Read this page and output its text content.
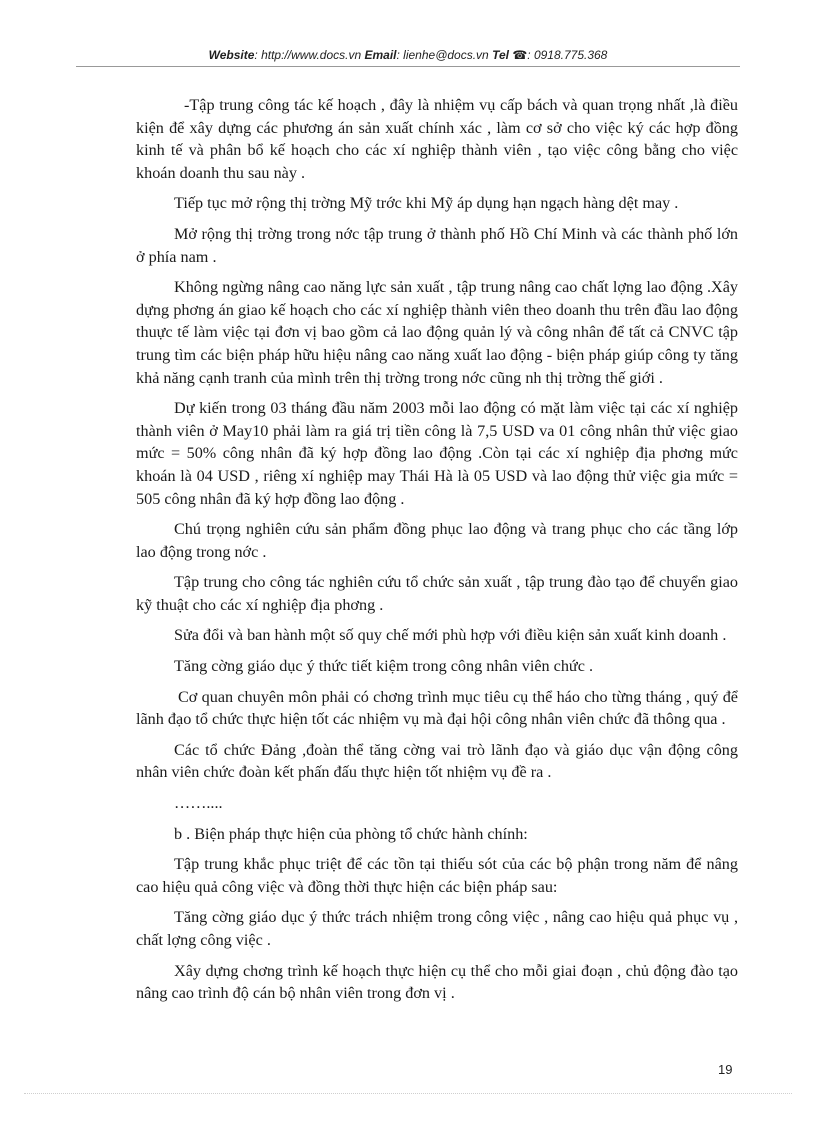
Website: http://www.docs.vn Email: lienhe@docs.vn Tel ☎: 0918.775.368

-Tập trung công tác kế hoạch , đây là nhiệm vụ cấp bách và quan trọng nhất ,là điều kiện để xây dựng các phương án sản xuất chính xác , làm cơ sở cho việc ký các hợp đồng kinh tế và phân bổ kế hoạch cho các xí nghiệp thành viên , tạo việc công bằng cho việc khoán doanh thu sau này .

Tiếp tục mở rộng thị trờng Mỹ trớc khi Mỹ áp dụng hạn ngạch hàng dệt may .

Mở rộng thị trờng trong nớc tập trung ở thành phố Hồ Chí Minh và các thành phố lớn ở phía nam .

Không ngừng nâng cao năng lực sản xuất , tập trung nâng cao chất lợng lao động .Xây dựng phơng án giao kế hoạch cho các xí nghiệp thành viên theo doanh thu trên đầu lao động thuực tế làm việc tại đơn vị bao gồm cả lao động quản lý và công nhân để tất cả CNVC tập trung tìm các biện pháp hữu hiệu nâng cao năng xuất lao động - biện pháp giúp công ty tăng khả năng cạnh tranh của mình trên thị trờng trong nớc cũng nh thị trờng thế giới .

Dự kiến trong 03 tháng đầu năm 2003 mỗi lao động có mặt làm việc tại các xí nghiệp thành viên ở May10 phải làm ra giá trị tiền công là 7,5 USD va 01 công nhân thử việc giao mức = 50% công nhân đã ký hợp đồng lao động .Còn tại các xí nghiệp địa phơng mức khoán là 04 USD , riêng xí nghiệp may Thái Hà là 05 USD và lao động thử việc gia mức = 505 công nhân đã ký hợp đồng lao động .

Chú trọng nghiên cứu sản phẩm đồng phục lao động và trang phục cho các tầng lớp lao động trong nớc .

Tập trung cho công tác nghiên cứu tổ chức sản xuất , tập trung đào tạo để chuyển giao kỹ thuật cho các xí nghiệp địa phơng .

Sửa đổi và ban hành một số quy chế mới phù hợp với điều kiện sản xuất kinh doanh .

Tăng cờng giáo dục ý thức tiết kiệm trong công nhân viên chức .

Cơ quan chuyên môn phải có chơng trình mục tiêu cụ thể háo cho từng tháng , quý để lãnh đạo tổ chức thực hiện tốt các nhiệm vụ mà đại hội công nhân viên chức đã thông qua .

Các tổ chức Đảng ,đoàn thể tăng cờng vai trò lãnh đạo và giáo dục vận động công nhân viên chức đoàn kết phấn đấu thực hiện tốt nhiệm vụ đề ra .

……....

b . Biện pháp thực hiện của phòng tổ chức hành chính:

Tập trung khắc phục triệt để các tồn tại thiếu sót của các bộ phận trong năm để nâng cao hiệu quả công việc và đồng thời thực hiện các biện pháp sau:

Tăng cờng giáo dục ý thức trách nhiệm trong công việc , nâng cao hiệu quả phục vụ , chất lợng công việc .

Xây dựng chơng trình kế hoạch thực hiện cụ thể cho mỗi giai đoạn , chủ động đào tạo nâng cao trình độ cán bộ nhân viên trong đơn vị .

19
